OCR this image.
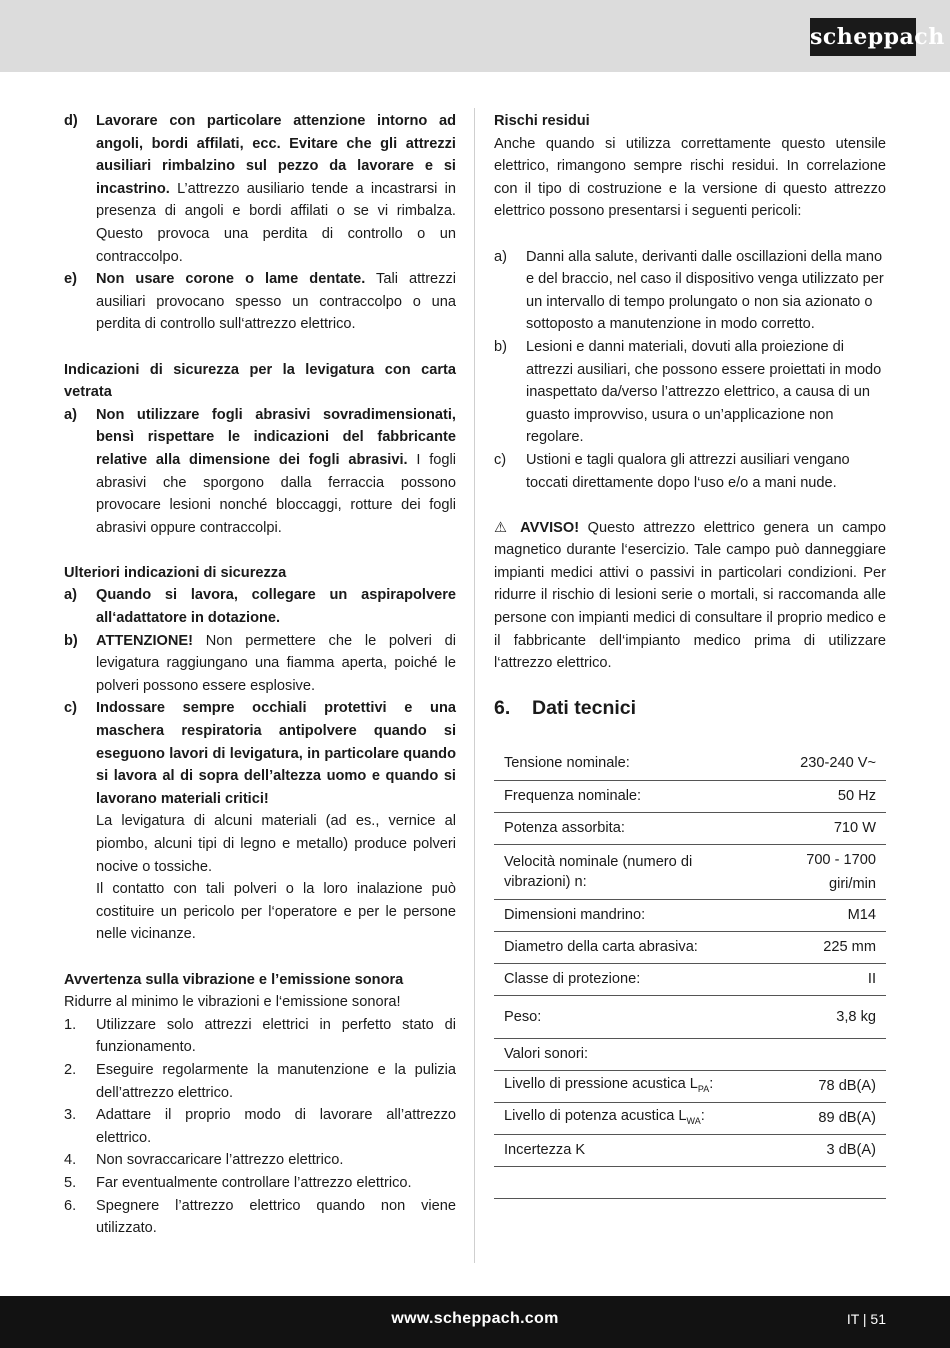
scheppach
d)	Lavorare con particolare attenzione intorno ad angoli, bordi affilati, ecc. Evitare che gli attrezzi ausiliari rimbalzino sul pezzo da lavorare e si incastrino. L’attrezzo ausiliario tende a incastrarsi in presenza di angoli e bordi affilati o se vi rimbalza. Questo provoca una perdita di controllo o un contraccolpo.
e)	Non usare corone o lame dentate. Tali attrezzi ausiliari provocano spesso un contraccolpo o una perdita di controllo sull‘attrezzo elettrico.

Indicazioni di sicurezza per la levigatura con carta vetrata

a)	Non utilizzare fogli abrasivi sovradimensionati, bensì rispettare le indicazioni del fabbricante relative alla dimensione dei fogli abrasivi. I fogli abrasivi che sporgono dalla ferraccia possono provocare lesioni nonché bloccaggi, rotture dei fogli abrasivi oppure contraccolpi.

Ulteriori indicazioni di sicurezza

a)	Quando si lavora, collegare un aspirapolvere all‘adattatore in dotazione.
b)	ATTENZIONE! Non permettere che le polveri di levigatura raggiungano una fiamma aperta, poiché le polveri possono essere esplosive.
c)	Indossare sempre occhiali protettivi e una maschera respiratoria antipolvere quando si eseguono lavori di levigatura, in particolare quando si lavora al di sopra dell’altezza uomo e quando si lavorano materiali critici!
La levigatura di alcuni materiali (ad es., vernice al piombo, alcuni tipi di legno e metallo) produce polveri nocive o tossiche.
Il contatto con tali polveri o la loro inalazione può costituire un pericolo per l‘operatore e per le persone nelle vicinanze.

Avvertenza sulla vibrazione e l’emissione sonora

Ridurre al minimo le vibrazioni e l‘emissione sonora!

1.	Utilizzare solo attrezzi elettrici in perfetto stato di funzionamento.
2.	Eseguire regolarmente la manutenzione e la pulizia dell’attrezzo elettrico.
3.	Adattare il proprio modo di lavorare all’attrezzo elettrico.
4.	Non sovraccaricare l’attrezzo elettrico.
5.	Far eventualmente controllare l’attrezzo elettrico.
6.	Spegnere l’attrezzo elettrico quando non viene utilizzato.

Rischi residui

Anche quando si utilizza correttamente questo utensile elettrico, rimangono sempre rischi residui. In correlazione con il tipo di costruzione e la versione di questo attrezzo elettrico possono presentarsi i seguenti pericoli:

a)	Danni alla salute, derivanti dalle oscillazioni della mano e del braccio, nel caso il dispositivo venga utilizzato per un intervallo di tempo prolungato o non sia azionato o sottoposto a manutenzione in modo corretto.
b)	Lesioni e danni materiali, dovuti alla proiezione di attrezzi ausiliari, che possono essere proiettati in modo inaspettato da/verso l’attrezzo elettrico, a causa di un guasto improvviso, usura o un’applicazione non regolare.
c)	Ustioni e tagli qualora gli attrezzi ausiliari vengano toccati direttamente dopo l‘uso e/o a mani nude.

⚠ AVVISO! Questo attrezzo elettrico genera un campo magnetico durante l‘esercizio. Tale campo può danneggiare impianti medici attivi o passivi in particolari condizioni. Per ridurre il rischio di lesioni serie o mortali, si raccomanda alle persone con impianti medici di consultare il proprio medico e il fabbricante dell‘impianto medico prima di utilizzare l‘attrezzo elettrico.

6.	Dati tecnici

Tensione nominale:	230-240 V~
Frequenza nominale:	50 Hz
Potenza assorbita:	710 W
Velocità nominale (numero di vibrazioni) n:	700 - 1700
giri/min

Dimensioni mandrino:	M14
Diametro della carta abrasiva:	225 mm
Classe di protezione:	II
Peso:	3,8 kg
Valori sonori:	
Livello di pressione acustica $L_{PA}$:	78 dB(A)
Livello di potenza acustica $L_{WA}$:	89 dB(A)
Incertezza K	3 dB(A)

www.scheppach.com	IT | 51
